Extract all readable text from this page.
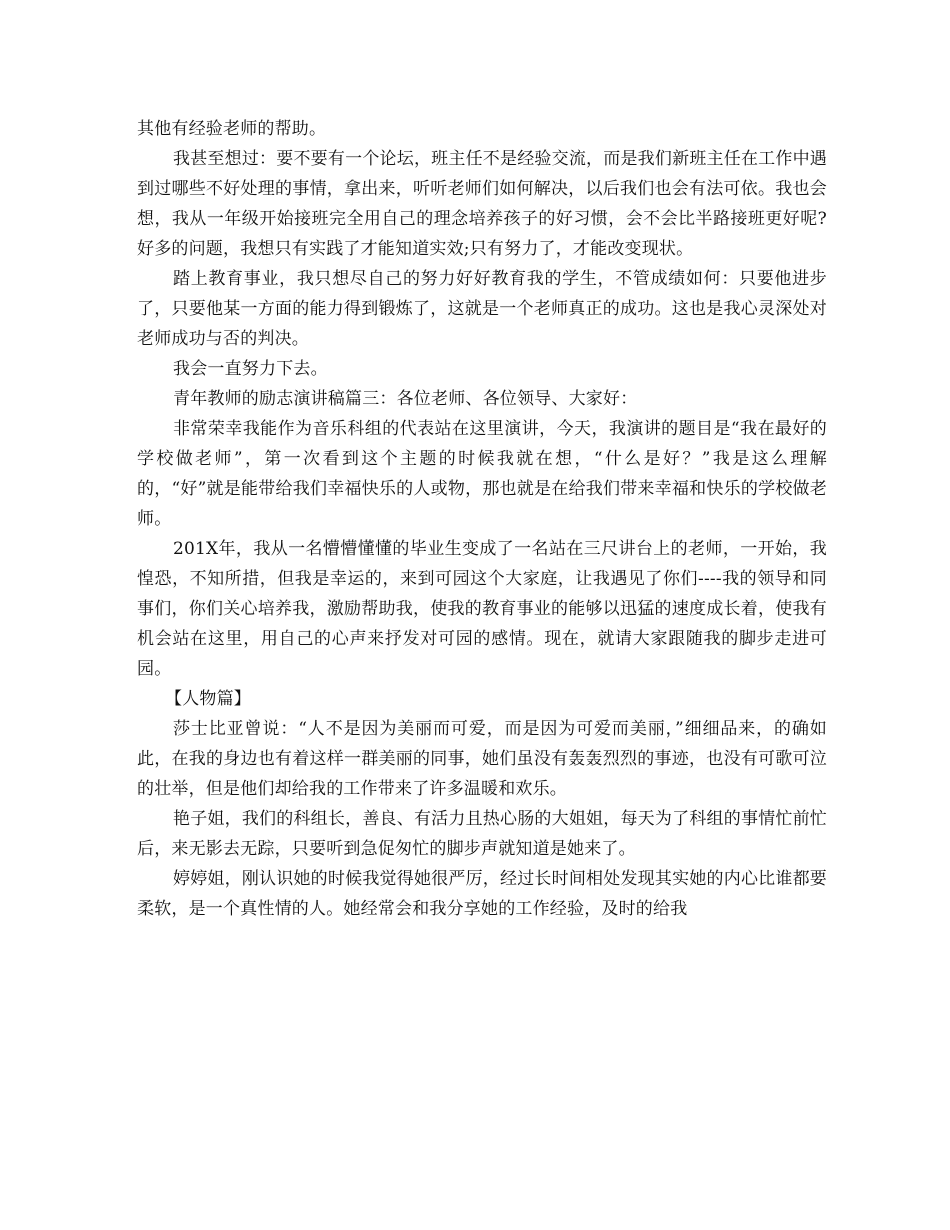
其他有经验老师的帮助。

我甚至想过：要不要有一个论坛，班主任不是经验交流，而是我们新班主任在工作中遇到过哪些不好处理的事情，拿出来，听听老师们如何解决，以后我们也会有法可依。我也会想，我从一年级开始接班完全用自己的理念培养孩子的好习惯，会不会比半路接班更好呢?好多的问题，我想只有实践了才能知道实效;只有努力了，才能改变现状。

踏上教育事业，我只想尽自己的努力好好教育我的学生，不管成绩如何：只要他进步了，只要他某一方面的能力得到锻炼了，这就是一个老师真正的成功。这也是我心灵深处对老师成功与否的判决。

我会一直努力下去。

青年教师的励志演讲稿篇三：各位老师、各位领导、大家好：

非常荣幸我能作为音乐科组的代表站在这里演讲，今天，我演讲的题目是“我在最好的学校做老师”，第一次看到这个主题的时候我就在想，“什么是好？”我是这么理解的，“好”就是能带给我们幸福快乐的人或物，那也就是在给我们带来幸福和快乐的学校做老师。

201X年，我从一名懵懵懂懂的毕业生变成了一名站在三尺讲台上的老师，一开始，我惶恐，不知所措，但我是幸运的，来到可园这个大家庭，让我遇见了你们----我的领导和同事们，你们关心培养我，激励帮助我，使我的教育事业的能够以迅猛的速度成长着，使我有机会站在这里，用自己的心声来抒发对可园的感情。现在，就请大家跟随我的脚步走进可园。

【人物篇】

莎士比亚曾说：“人不是因为美丽而可爱，而是因为可爱而美丽，”细细品来，的确如此，在我的身边也有着这样一群美丽的同事，她们虽没有轰轰烈烈的事迹，也没有可歌可泣的壮举，但是他们却给我的工作带来了许多温暖和欢乐。

艳子姐，我们的科组长，善良、有活力且热心肠的大姐姐，每天为了科组的事情忙前忙后，来无影去无踪，只要听到急促匆忙的脚步声就知道是她来了。

婷婷姐，刚认识她的时候我觉得她很严厉，经过长时间相处发现其实她的内心比谁都要柔软，是一个真性情的人。她经常会和我分享她的工作经验，及时的给我
